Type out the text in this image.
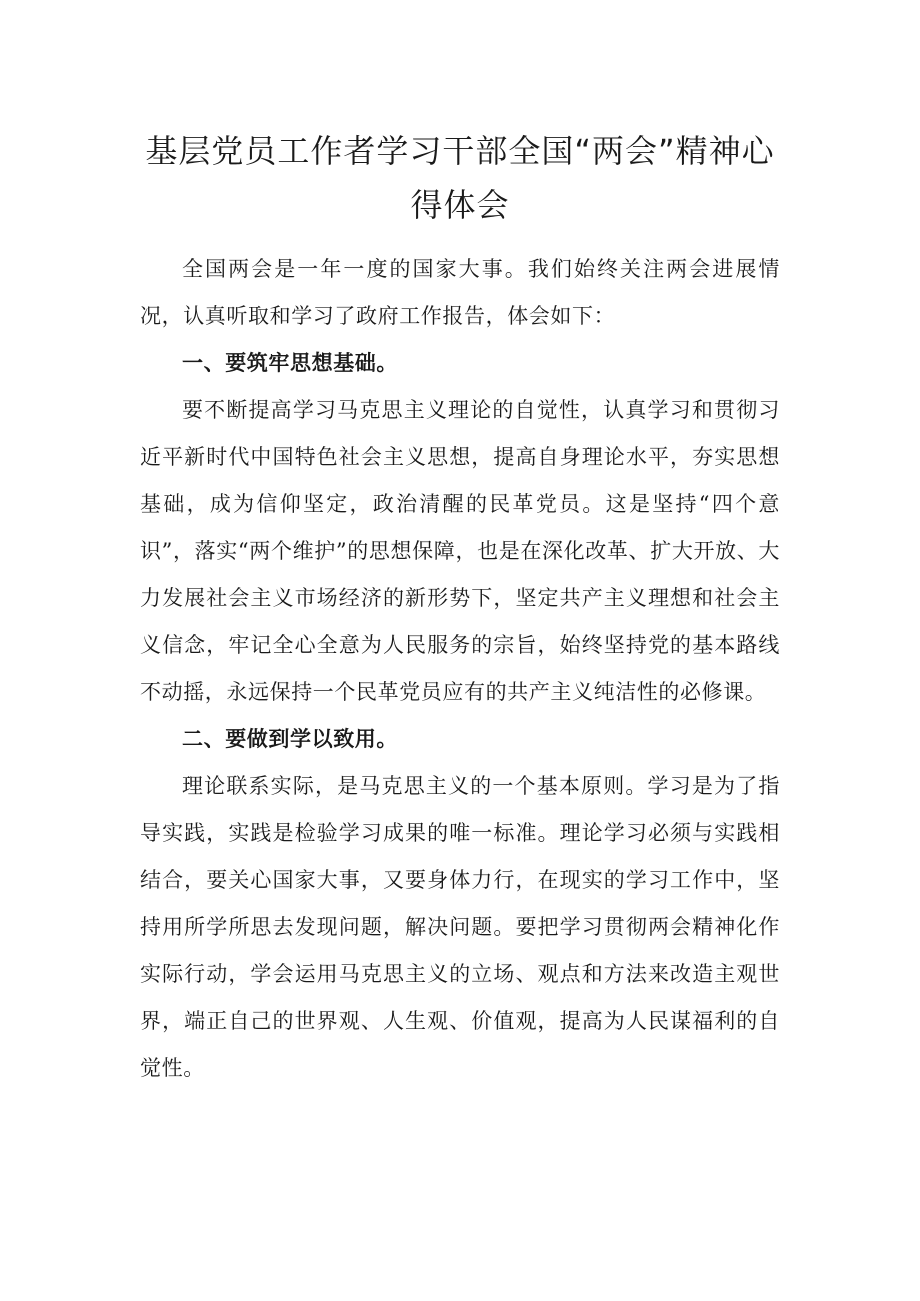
基层党员工作者学习干部全国“两会”精神心得体会

全国两会是一年一度的国家大事。我们始终关注两会进展情况，认真听取和学习了政府工作报告，体会如下：

一、要筑牢思想基础。

要不断提高学习马克思主义理论的自觉性，认真学习和贯彻习近平新时代中国特色社会主义思想，提高自身理论水平，夯实思想基础，成为信仰坚定，政治清醒的民革党员。这是坚持“四个意识”，落实“两个维护”的思想保障，也是在深化改革、扩大开放、大力发展社会主义市场经济的新形势下，坚定共产主义理想和社会主义信念，牢记全心全意为人民服务的宗旨，始终坚持党的基本路线不动摇，永远保持一个民革党员应有的共产主义纯洁性的必修课。

二、要做到学以致用。

理论联系实际，是马克思主义的一个基本原则。学习是为了指导实践，实践是检验学习成果的唯一标准。理论学习必须与实践相结合，要关心国家大事，又要身体力行，在现实的学习工作中，坚持用所学所思去发现问题，解决问题。要把学习贯彻两会精神化作实际行动，学会运用马克思主义的立场、观点和方法来改造主观世界，端正自己的世界观、人生观、价值观，提高为人民谋福利的自觉性。
